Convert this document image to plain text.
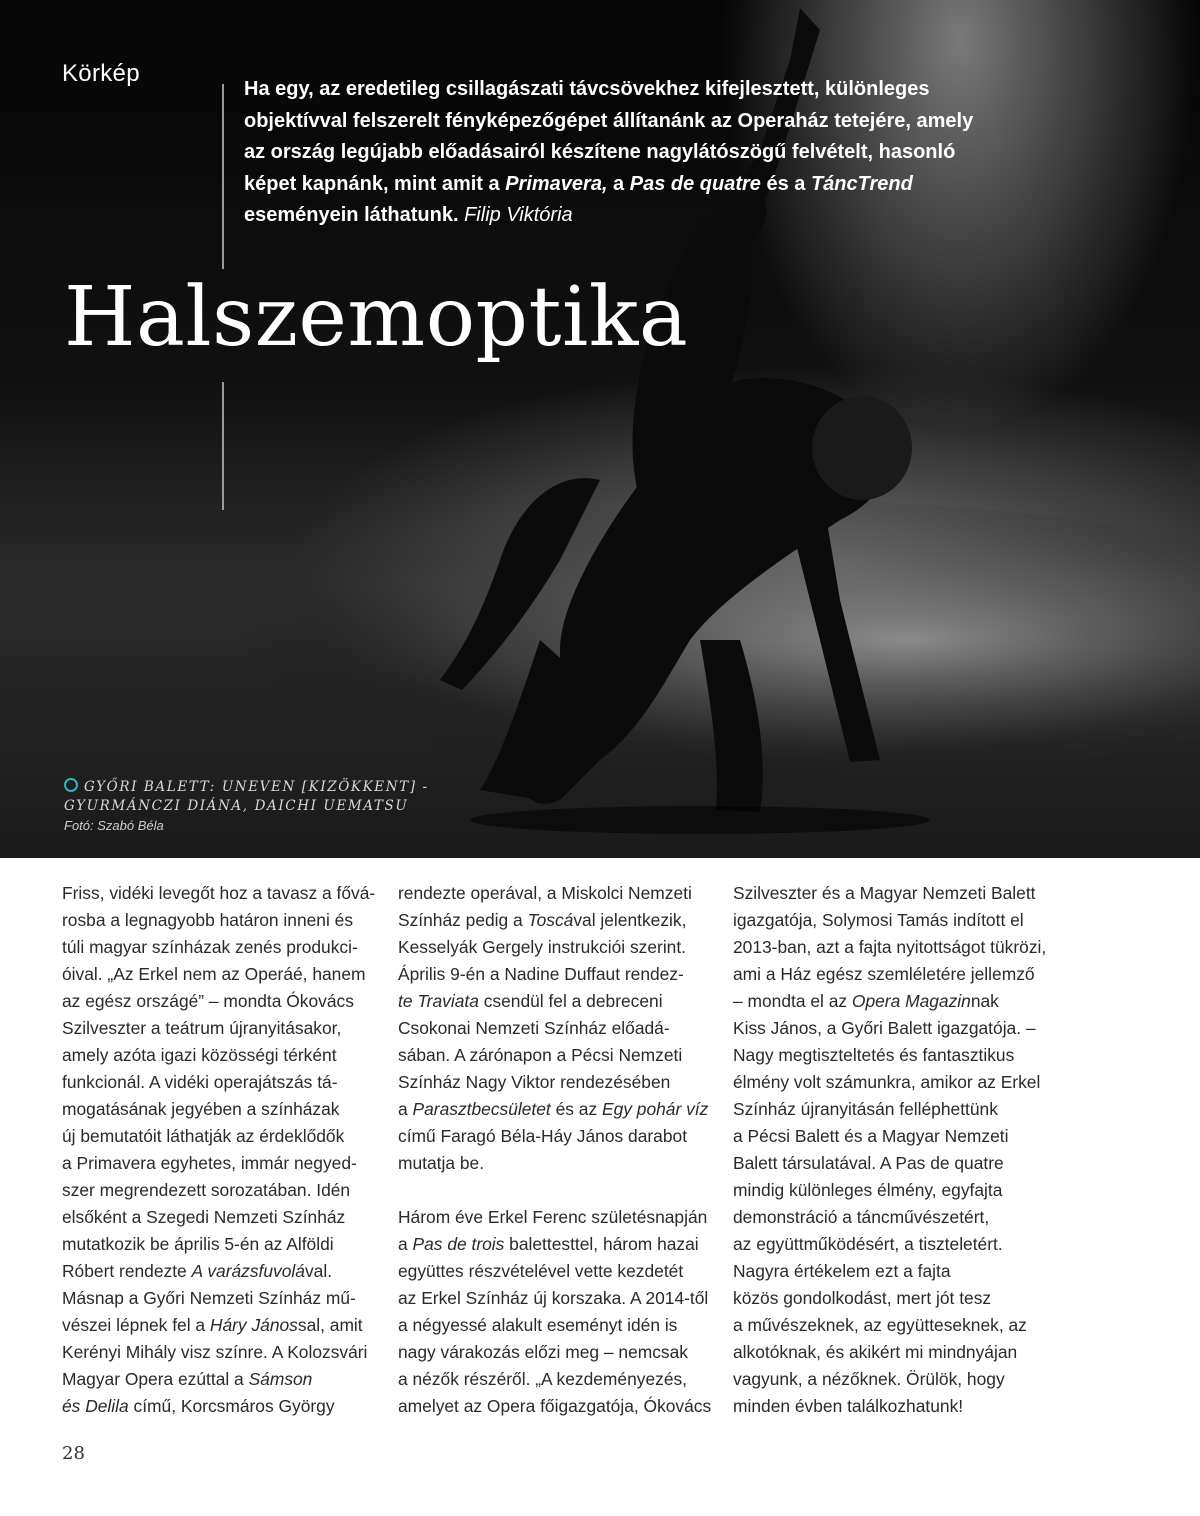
Körkép

Ha egy, az eredetileg csillagászati távcsövekhez kifejlesztett, különleges

objektívval felszerelt fényképezőgépet állítanánk az Operaház tetejére, amely

az ország legújabb előadásairól készítene nagylátószögű felvételt, hasonló

képet kapnánk, mint amit a Primavera, a Pas de quatre és a TáncTrend

eseményein láthatunk. Filip Viktória

Halszemoptika
GYŐRI BALETT: UNEVEN [KIZÖKKENT] -
GYURMÁNCZI DIÁNA, DAICHI UEMATSU
Fotó: Szabó Béla
Friss, vidéki levegőt hoz a tavasz a fővá-
rosba a legnagyobb határon inneni és
túli magyar színházak zenés produkci-
óival. „Az Erkel nem az Operáé, hanem
az egész országé” – mondta Ókovács
Szilveszter a teátrum újranyitásakor,
amely azóta igazi közösségi térként
funkcionál. A vidéki operajátszás tá-
mogatásának jegyében a színházak
új bemutatóit láthatják az érdeklődők
a Primavera egyhetes, immár negyed-
szer megrendezett sorozatában. Idén
elsőként a Szegedi Nemzeti Színház
mutatkozik be április 5-én az Alföldi
Róbert rendezte A varázsfuvolával.
Másnap a Győri Nemzeti Színház mű-
vészei lépnek fel a Háry Jánossal, amit
Kerényi Mihály visz színre. A Kolozsvári
Magyar Opera ezúttal a Sámson
és Delila című, Korcsmáros György
rendezte operával, a Miskolci Nemzeti
Színház pedig a Toscával jelentkezik,
Kesselyák Gergely instrukciói szerint.
Április 9-én a Nadine Duffaut rendez-
te Traviata csendül fel a debreceni
Csokonai Nemzeti Színház előadá-
sában. A zárónapon a Pécsi Nemzeti
Színház Nagy Viktor rendezésében
a Parasztbecsületet és az Egy pohár víz
című Faragó Béla-Háy János darabot
mutatja be.
Három éve Erkel Ferenc születésnapján
a Pas de trois balettesttel, három hazai
együttes részvételével vette kezdetét
az Erkel Színház új korszaka. A 2014-től
a négyessé alakult eseményt idén is
nagy várakozás előzi meg – nemcsak
a nézők részéről. „A kezdeményezés,
amelyet az Opera főigazgatója, Ókovács
Szilveszter és a Magyar Nemzeti Balett
igazgatója, Solymosi Tamás indított el
2013-ban, azt a fajta nyitottságot tükrözi,
ami a Ház egész szemléletére jellemző
– mondta el az Opera Magazinnak
Kiss János, a Győri Balett igazgatója. –
Nagy megtiszteltetés és fantasztikus
élmény volt számunkra, amikor az Erkel
Színház újranyitásán felléphettünk
a Pécsi Balett és a Magyar Nemzeti
Balett társulatával. A Pas de quatre
mindig különleges élmény, egyfajta
demonstráció a táncművészetért,
az együttműködésért, a tiszteletért.
Nagyra értékelem ezt a fajta
közös gondolkodást, mert jót tesz
a művészeknek, az együtteseknek, az
alkotóknak, és akikért mi mindnyájan
vagyunk, a nézőknek. Örülök, hogy
minden évben találkozhatunk!
28
